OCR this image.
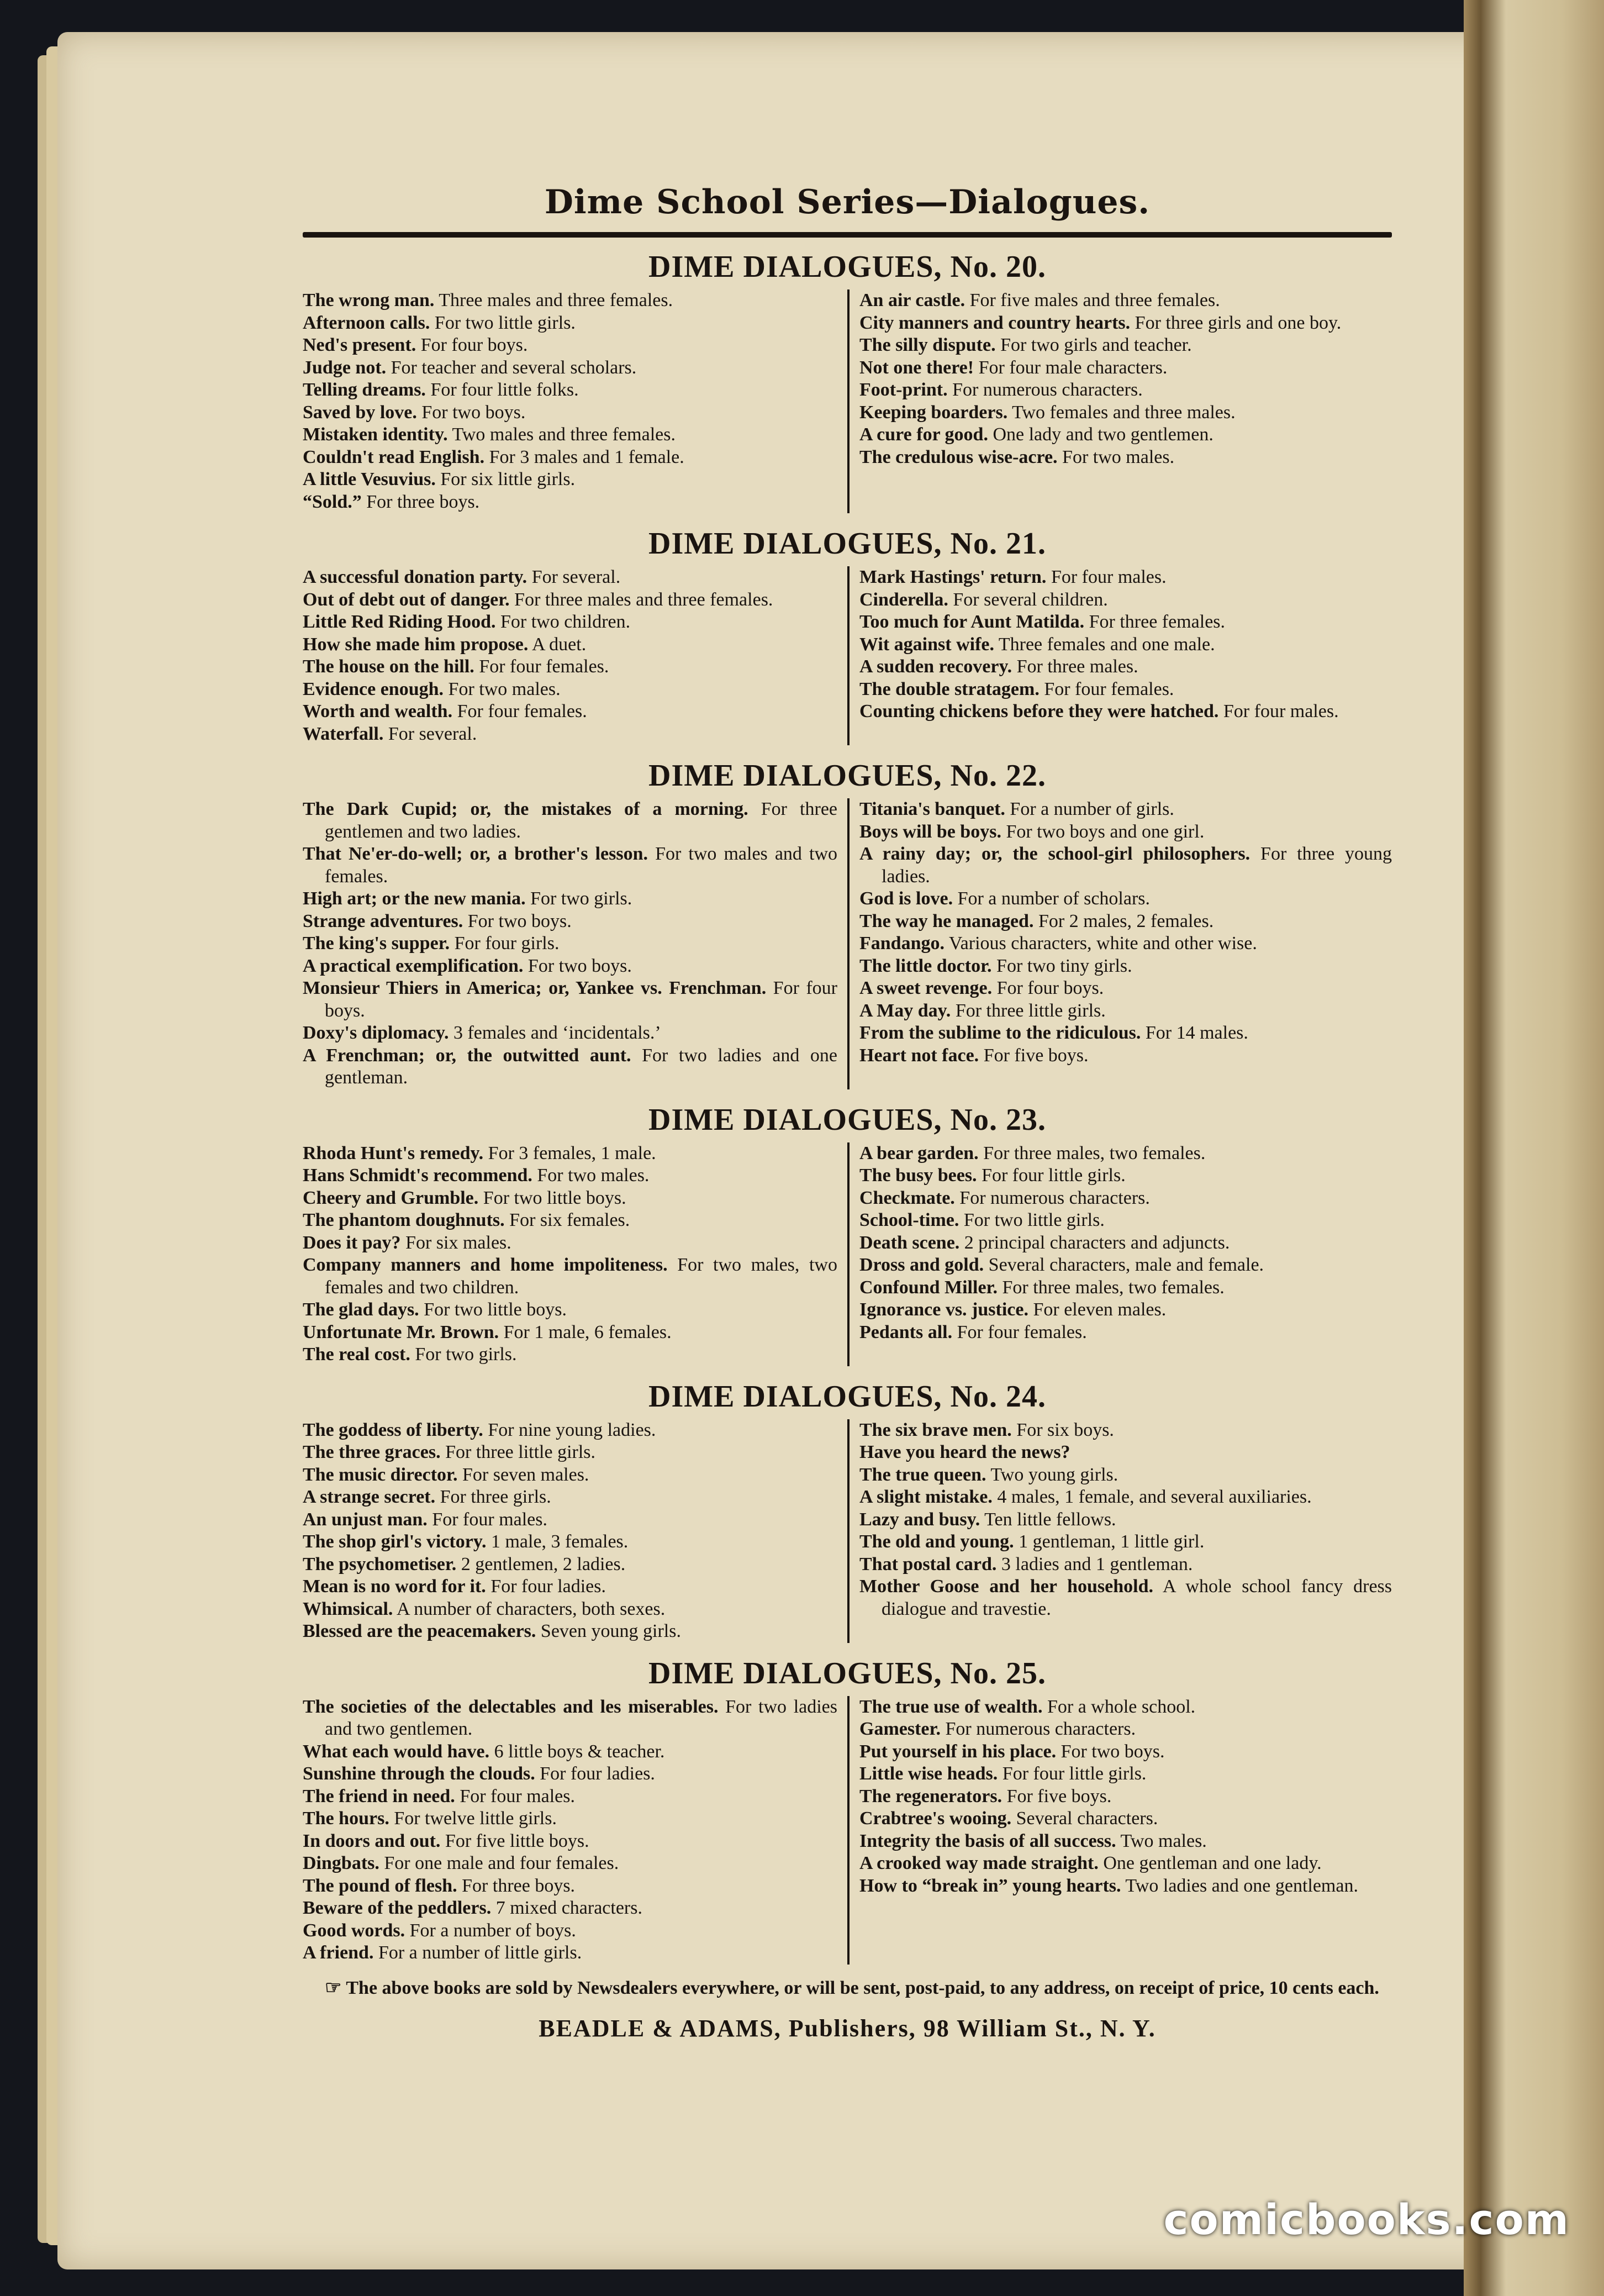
Dime School Series—Dialogues.
DIME DIALOGUES, No. 20.
The wrong man. Three males and three females.
Afternoon calls. For two little girls.
Ned's present. For four boys.
Judge not. For teacher and several scholars.
Telling dreams. For four little folks.
Saved by love. For two boys.
Mistaken identity. Two males and three females.
Couldn't read English. For 3 males and 1 female.
A little Vesuvius. For six little girls.
“Sold.” For three boys.
An air castle. For five males and three females.
City manners and country hearts. For three girls and one boy.
The silly dispute. For two girls and teacher.
Not one there! For four male characters.
Foot-print. For numerous characters.
Keeping boarders. Two females and three males.
A cure for good. One lady and two gentlemen.
The credulous wise-acre. For two males.
DIME DIALOGUES, No. 21.
A successful donation party. For several.
Out of debt out of danger. For three males and three females.
Little Red Riding Hood. For two children.
How she made him propose. A duet.
The house on the hill. For four females.
Evidence enough. For two males.
Worth and wealth. For four females.
Waterfall. For several.
Mark Hastings' return. For four males.
Cinderella. For several children.
Too much for Aunt Matilda. For three females.
Wit against wife. Three females and one male.
A sudden recovery. For three males.
The double stratagem. For four females.
Counting chickens before they were hatched. For four males.
DIME DIALOGUES, No. 22.
The Dark Cupid; or, the mistakes of a morning. For three gentlemen and two ladies.
That Ne'er-do-well; or, a brother's lesson. For two males and two females.
High art; or the new mania. For two girls.
Strange adventures. For two boys.
The king's supper. For four girls.
A practical exemplification. For two boys.
Monsieur Thiers in America; or, Yankee vs. Frenchman. For four boys.
Doxy's diplomacy. 3 females and ‘incidentals.’
A Frenchman; or, the outwitted aunt. For two ladies and one gentleman.
Titania's banquet. For a number of girls.
Boys will be boys. For two boys and one girl.
A rainy day; or, the school-girl philosophers. For three young ladies.
God is love. For a number of scholars.
The way he managed. For 2 males, 2 females.
Fandango. Various characters, white and other wise.
The little doctor. For two tiny girls.
A sweet revenge. For four boys.
A May day. For three little girls.
From the sublime to the ridiculous. For 14 males.
Heart not face. For five boys.
DIME DIALOGUES, No. 23.
Rhoda Hunt's remedy. For 3 females, 1 male.
Hans Schmidt's recommend. For two males.
Cheery and Grumble. For two little boys.
The phantom doughnuts. For six females.
Does it pay? For six males.
Company manners and home impoliteness. For two males, two females and two children.
The glad days. For two little boys.
Unfortunate Mr. Brown. For 1 male, 6 females.
The real cost. For two girls.
A bear garden. For three males, two females.
The busy bees. For four little girls.
Checkmate. For numerous characters.
School-time. For two little girls.
Death scene. 2 principal characters and adjuncts.
Dross and gold. Several characters, male and female.
Confound Miller. For three males, two females.
Ignorance vs. justice. For eleven males.
Pedants all. For four females.
DIME DIALOGUES, No. 24.
The goddess of liberty. For nine young ladies.
The three graces. For three little girls.
The music director. For seven males.
A strange secret. For three girls.
An unjust man. For four males.
The shop girl's victory. 1 male, 3 females.
The psychometiser. 2 gentlemen, 2 ladies.
Mean is no word for it. For four ladies.
Whimsical. A number of characters, both sexes.
Blessed are the peacemakers. Seven young girls.
The six brave men. For six boys.
Have you heard the news?
The true queen. Two young girls.
A slight mistake. 4 males, 1 female, and several auxiliaries.
Lazy and busy. Ten little fellows.
The old and young. 1 gentleman, 1 little girl.
That postal card. 3 ladies and 1 gentleman.
Mother Goose and her household. A whole school fancy dress dialogue and travestie.
DIME DIALOGUES, No. 25.
The societies of the delectables and les miserables. For two ladies and two gentlemen.
What each would have. 6 little boys & teacher.
Sunshine through the clouds. For four ladies.
The friend in need. For four males.
The hours. For twelve little girls.
In doors and out. For five little boys.
Dingbats. For one male and four females.
The pound of flesh. For three boys.
Beware of the peddlers. 7 mixed characters.
Good words. For a number of boys.
A friend. For a number of little girls.
The true use of wealth. For a whole school.
Gamester. For numerous characters.
Put yourself in his place. For two boys.
Little wise heads. For four little girls.
The regenerators. For five boys.
Crabtree's wooing. Several characters.
Integrity the basis of all success. Two males.
A crooked way made straight. One gentleman and one lady.
How to “break in” young hearts. Two ladies and one gentleman.
☞ The above books are sold by Newsdealers everywhere, or will be sent, post-paid, to any address, on receipt of price, 10 cents each.
BEADLE & ADAMS, Publishers, 98 William St., N. Y.
comicbooks.com
